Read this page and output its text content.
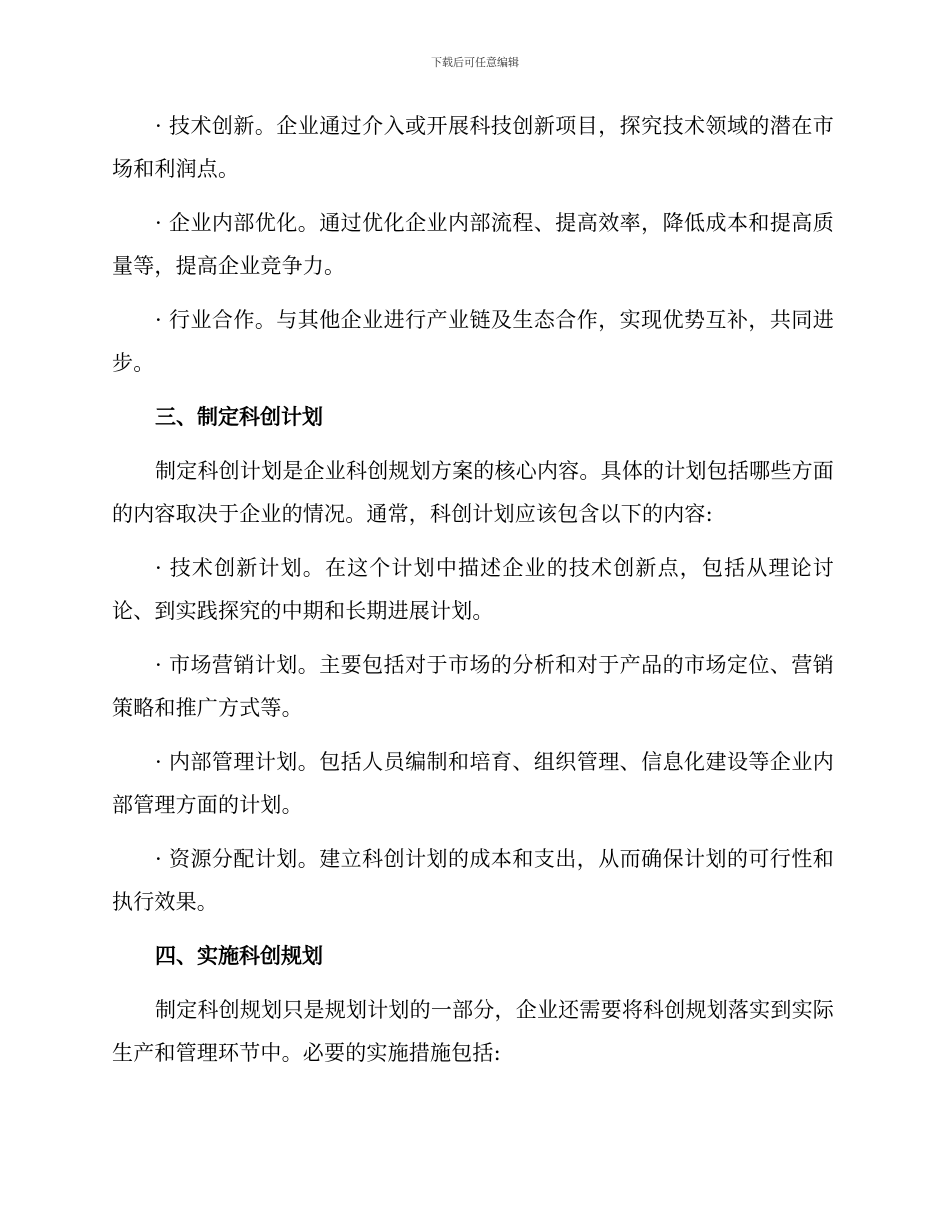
下载后可任意编辑

· 技术创新。企业通过介入或开展科技创新项目，探究技术领域的潜在市场和利润点。

· 企业内部优化。通过优化企业内部流程、提高效率，降低成本和提高质量等，提高企业竞争力。

· 行业合作。与其他企业进行产业链及生态合作，实现优势互补，共同进步。

三、制定科创计划

制定科创计划是企业科创规划方案的核心内容。具体的计划包括哪些方面的内容取决于企业的情况。通常，科创计划应该包含以下的内容:

· 技术创新计划。在这个计划中描述企业的技术创新点，包括从理论讨论、到实践探究的中期和长期进展计划。

· 市场营销计划。主要包括对于市场的分析和对于产品的市场定位、营销策略和推广方式等。

· 内部管理计划。包括人员编制和培育、组织管理、信息化建设等企业内部管理方面的计划。

· 资源分配计划。建立科创计划的成本和支出，从而确保计划的可行性和执行效果。

四、实施科创规划

制定科创规划只是规划计划的一部分，企业还需要将科创规划落实到实际生产和管理环节中。必要的实施措施包括:
